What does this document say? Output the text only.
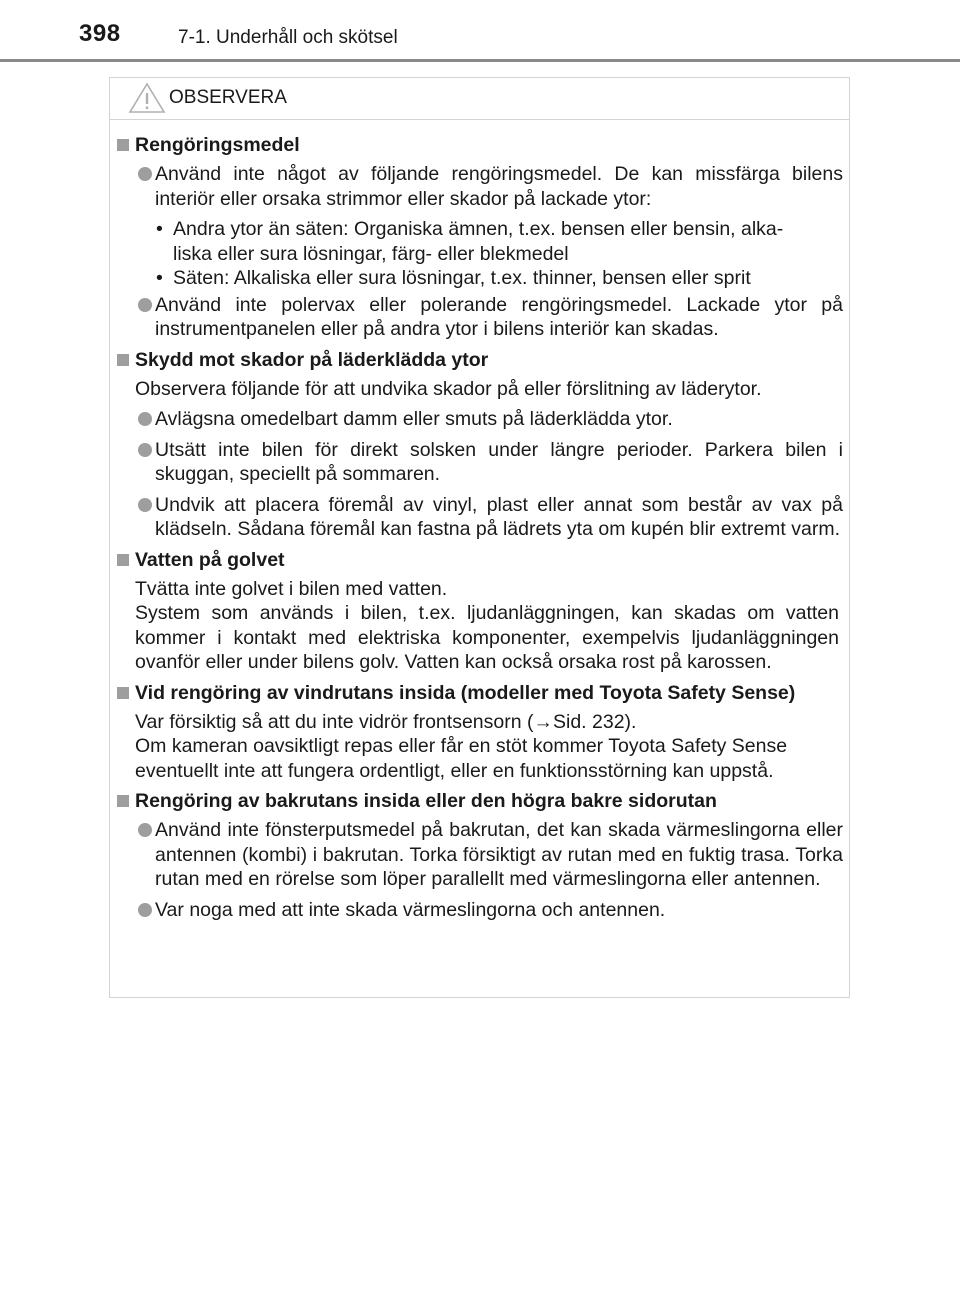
398	7-1. Underhåll och skötsel
OBSERVERA
Rengöringsmedel
Använd inte något av följande rengöringsmedel. De kan missfärga bilens interiör eller orsaka strimmor eller skador på lackade ytor:
• Andra ytor än säten: Organiska ämnen, t.ex. bensen eller bensin, alka-
liska eller sura lösningar, färg- eller blekmedel
• Säten: Alkaliska eller sura lösningar, t.ex. thinner, bensen eller sprit
Använd inte polervax eller polerande rengöringsmedel. Lackade ytor på instrumentpanelen eller på andra ytor i bilens interiör kan skadas.
Skydd mot skador på läderklädda ytor
Observera följande för att undvika skador på eller förslitning av läderytor.
Avlägsna omedelbart damm eller smuts på läderklädda ytor.
Utsätt inte bilen för direkt solsken under längre perioder. Parkera bilen i skuggan, speciellt på sommaren.
Undvik att placera föremål av vinyl, plast eller annat som består av vax på klädseln. Sådana föremål kan fastna på lädrets yta om kupén blir extremt varm.
Vatten på golvet
Tvätta inte golvet i bilen med vatten.
System som används i bilen, t.ex. ljudanläggningen, kan skadas om vatten kommer i kontakt med elektriska komponenter, exempelvis ljudanläggningen ovanför eller under bilens golv. Vatten kan också orsaka rost på karossen.
Vid rengöring av vindrutans insida (modeller med Toyota Safety Sense)
Var försiktig så att du inte vidrör frontsensorn (→Sid. 232).
Om kameran oavsiktligt repas eller får en stöt kommer Toyota Safety Sense eventuellt inte att fungera ordentligt, eller en funktionsstörning kan uppstå.
Rengöring av bakrutans insida eller den högra bakre sidorutan
Använd inte fönsterputsmedel på bakrutan, det kan skada värmeslingorna eller antennen (kombi) i bakrutan. Torka försiktigt av rutan med en fuktig trasa. Torka rutan med en rörelse som löper parallellt med värmeslingorna eller antennen.
Var noga med att inte skada värmeslingorna och antennen.
